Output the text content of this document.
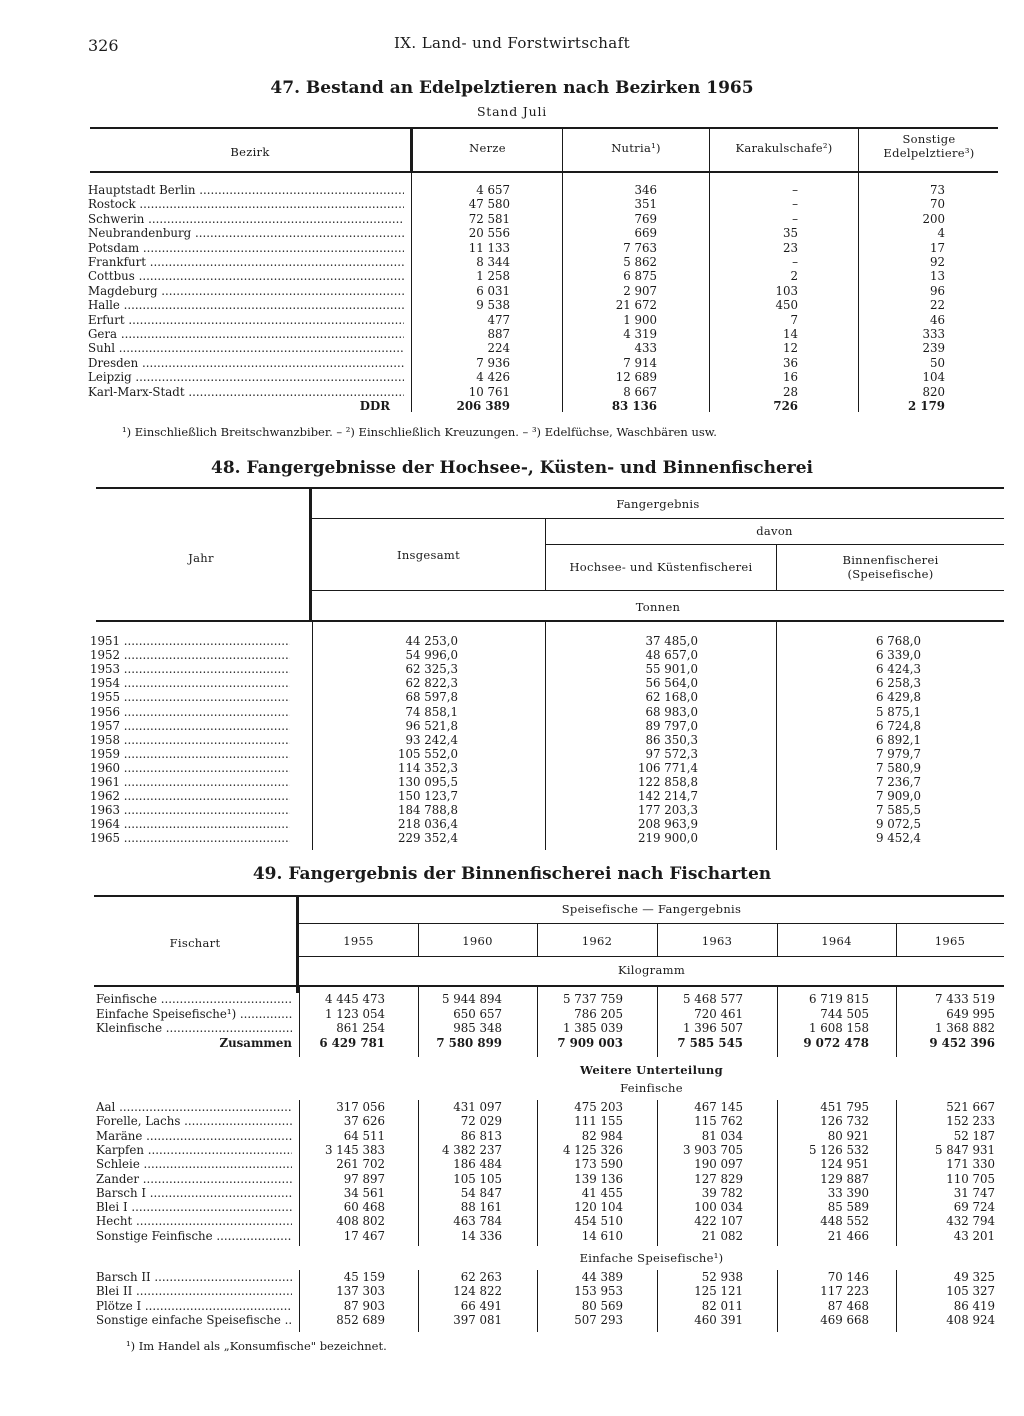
326	IX. Land- und Forstwirtschaft
47. Bestand an Edelpelztieren nach Bezirken 1965
Stand Juli
Bezirk	Nerze	Nutria¹)	Karakulschafe²)
Sonstige
Edelpelztiere³)
Hauptstadt Berlin .....	4 657	346	–	73
Rostock .....	47 580	351	–	70
Schwerin .....	72 581	769	–	200
Neubrandenburg .....	20 556	669	35	4
Potsdam .....	11 133	7 763	23	17
Frankfurt .....	8 344	5 862	–	92
Cottbus .....	1 258	6 875	2	13
Magdeburg .....	6 031	2 907	103	96
Halle .....	9 538	21 672	450	22
Erfurt .....	477	1 900	7	46
Gera .....	887	4 319	14	333
Suhl .....	224	433	12	239
Dresden .....	7 936	7 914	36	50
Leipzig .....	4 426	12 689	16	104
Karl-Marx-Stadt .....	10 761	8 667	28	820
DDR	206 389	83 136	726	2 179
¹) Einschließlich Breitschwanzbiber. – ²) Einschließlich Kreuzungen. – ³) Edelfüchse, Waschbären usw.
48. Fangergebnisse der Hochsee-, Küsten- und Binnenfischerei
Fangergebnis
davon
Jahr	Insgesamt
Hochsee- und Küstenfischerei	Binnenfischerei
(Speisefische)
Tonnen
1951 .....	44 253,0	37 485,0	6 768,0
1952 .....	54 996,0	48 657,0	6 339,0
1953 .....	62 325,3	55 901,0	6 424,3
1954 .....	62 822,3	56 564,0	6 258,3
1955 .....	68 597,8	62 168,0	6 429,8
1956 .....	74 858,1	68 983,0	5 875,1
1957 .....	96 521,8	89 797,0	6 724,8
1958 .....	93 242,4	86 350,3	6 892,1
1959 .....	105 552,0	97 572,3	7 979,7
1960 .....	114 352,3	106 771,4	7 580,9
1961 .....	130 095,5	122 858,8	7 236,7
1962 .....	150 123,7	142 214,7	7 909,0
1963 .....	184 788,8	177 203,3	7 585,5
1964 .....	218 036,4	208 963,9	9 072,5
1965 .....	229 352,4	219 900,0	9 452,4
49. Fangergebnis der Binnenfischerei nach Fischarten
Speisefische — Fangergebnis
Fischart	1955	1960	1962	1963	1964	1965
Kilogramm
Feinfische .....	4 445 473	5 944 894	5 737 759	5 468 577	6 719 815	7 433 519
Einfache Speisefische¹) .....	1 123 054	650 657	786 205	720 461	744 505	649 995
Kleinfische .....	861 254	985 348	1 385 039	1 396 507	1 608 158	1 368 882
Zusammen	6 429 781	7 580 899	7 909 003	7 585 545	9 072 478	9 452 396
Weitere Unterteilung
Feinfische
Aal .....	317 056	431 097	475 203	467 145	451 795	521 667
Forelle, Lachs .....	37 626	72 029	111 155	115 762	126 732	152 233
Maräne .....	64 511	86 813	82 984	81 034	80 921	52 187
Karpfen .....	3 145 383	4 382 237	4 125 326	3 903 705	5 126 532	5 847 931
Schleie .....	261 702	186 484	173 590	190 097	124 951	171 330
Zander .....	97 897	105 105	139 136	127 829	129 887	110 705
Barsch I .....	34 561	54 847	41 455	39 782	33 390	31 747
Blei I .....	60 468	88 161	120 104	100 034	85 589	69 724
Hecht .....	408 802	463 784	454 510	422 107	448 552	432 794
Sonstige Feinfische .....	17 467	14 336	14 610	21 082	21 466	43 201
Einfache Speisefische¹)
Barsch II .....	45 159	62 263	44 389	52 938	70 146	49 325
Blei II .....	137 303	124 822	153 953	125 121	117 223	105 327
Plötze I .....	87 903	66 491	80 569	82 011	87 468	86 419
Sonstige einfache Speisefische .....	852 689	397 081	507 293	460 391	469 668	408 924
¹) Im Handel als „Konsumfische" bezeichnet.
